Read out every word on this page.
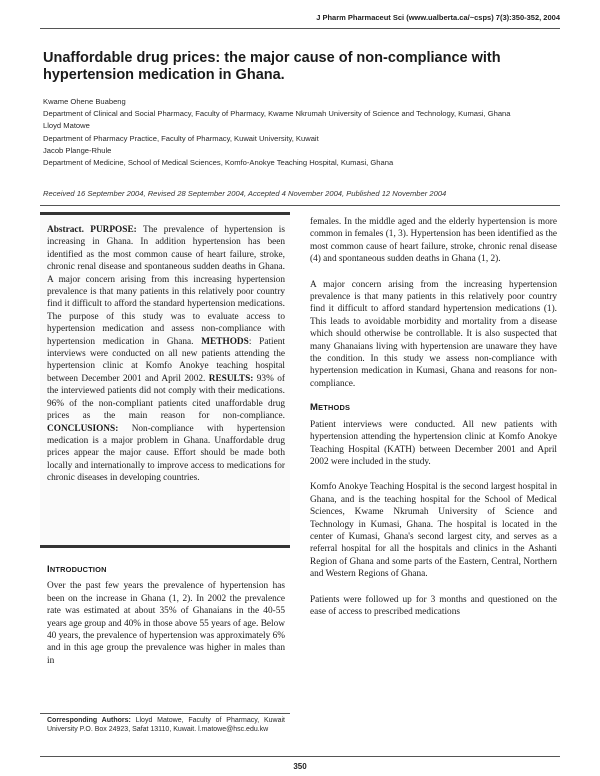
J Pharm Pharmaceut Sci (www.ualberta.ca/~csps) 7(3):350-352, 2004
Unaffordable drug prices: the major cause of non-compliance with hypertension medication in Ghana.
Kwame Ohene Buabeng
Department of Clinical and Social Pharmacy, Faculty of Pharmacy, Kwame Nkrumah University of Science and Technology, Kumasi, Ghana
Lloyd Matowe
Department of Pharmacy Practice, Faculty of Pharmacy, Kuwait University, Kuwait
Jacob Plange-Rhule
Department of Medicine, School of Medical Sciences, Komfo-Anokye Teaching Hospital, Kumasi, Ghana
Received 16 September 2004, Revised 28 September 2004, Accepted 4 November 2004, Published 12 November 2004

Abstract. PURPOSE: The prevalence of hypertension is increasing in Ghana. In addition hypertension has been identified as the most common cause of heart failure, stroke, chronic renal disease and spontaneous sudden deaths in Ghana. A major concern arising from this increasing hypertension prevalence is that many patients in this relatively poor country find it difficult to afford the standard hypertension medications. The purpose of this study was to evaluate access to hypertension medication and assess non-compliance with hypertension medication in Ghana. METHODS: Patient interviews were conducted on all new patients attending the hypertension clinic at Komfo Anokye teaching hospital between December 2001 and April 2002. RESULTS: 93% of the interviewed patients did not comply with their medications. 96% of the non-compliant patients cited unaffordable drug prices as the main reason for non-compliance. CONCLUSIONS: Non-compliance with hypertension medication is a major problem in Ghana. Unaffordable drug prices appear the major cause. Effort should be made both locally and internationally to improve access to medications for chronic diseases in developing countries.

INTRODUCTION

Over the past few years the prevalence of hypertension has been on the increase in Ghana (1, 2). In 2002 the prevalence rate was estimated at about 35% of Ghanaians in the 40-55 years age group and 40% in those above 55 years of age. Below 40 years, the prevalence of hypertension was approximately 6% and in this age group the prevalence was higher in males than in

females. In the middle aged and the elderly hypertension is more common in females (1, 3). Hypertension has been identified as the most common cause of heart failure, stroke, chronic renal disease (4) and spontaneous sudden deaths in Ghana (1, 2).

A major concern arising from the increasing hypertension prevalence is that many patients in this relatively poor country find it difficult to afford standard hypertension medications (1). This leads to avoidable morbidity and mortality from a disease which should otherwise be controllable. It is also suspected that many Ghanaians living with hypertension are unaware they have the condition. In this study we assess non-compliance with hypertension medication in Kumasi, Ghana and reasons for non-compliance.

METHODS

Patient interviews were conducted. All new patients with hypertension attending the hypertension clinic at Komfo Anokye Teaching Hospital (KATH) between December 2001 and April 2002 were included in the study.

Komfo Anokye Teaching Hospital is the second largest hospital in Ghana, and is the teaching hospital for the School of Medical Sciences, Kwame Nkrumah University of Science and Technology in Kumasi, Ghana. The hospital is located in the center of Kumasi, Ghana's second largest city, and serves as a referral hospital for all the hospitals and clinics in the Ashanti Region of Ghana and some parts of the Eastern, Central, Northern and Western Regions of Ghana.

Patients were followed up for 3 months and questioned on the ease of access to prescribed medications

Corresponding Authors: Lloyd Matowe, Faculty of Pharmacy, Kuwait University P.O. Box 24923, Safat 13110, Kuwait. l.matowe@hsc.edu.kw
350
